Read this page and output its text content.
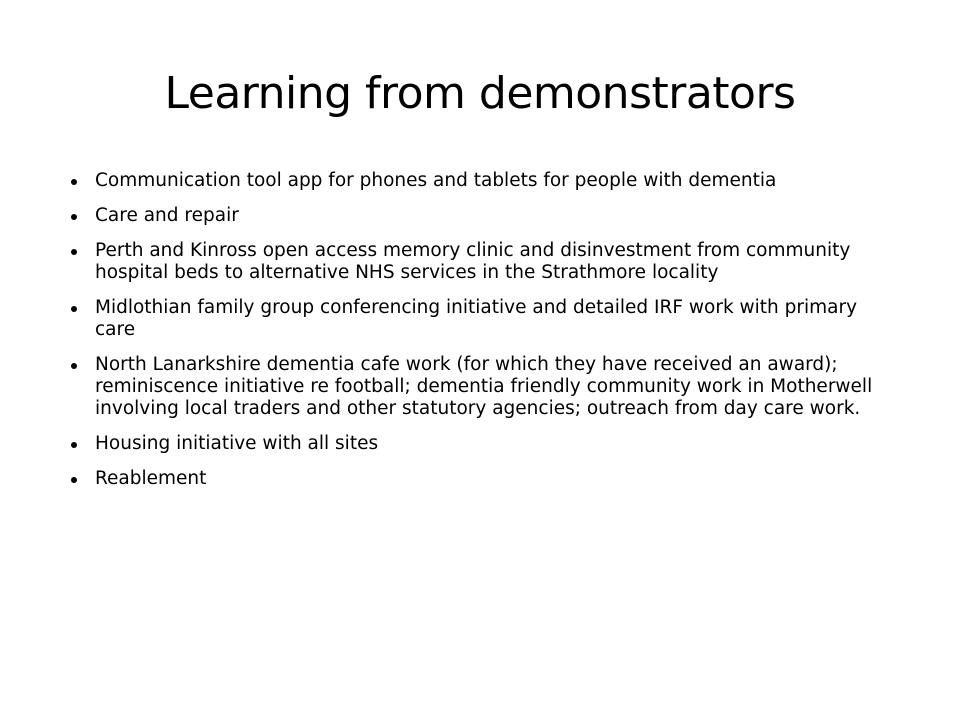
Learning from demonstrators
Communication tool app for phones and tablets for people with dementia
Care and repair
Perth and Kinross open access memory clinic and disinvestment from community hospital beds to alternative NHS services in the Strathmore locality
Midlothian family group conferencing initiative and detailed IRF work with primary care
North Lanarkshire dementia cafe work (for which they have received an award); reminiscence initiative re football; dementia friendly community work in Motherwell involving local traders and other statutory agencies; outreach from day care work.
Housing initiative with all sites
Reablement
